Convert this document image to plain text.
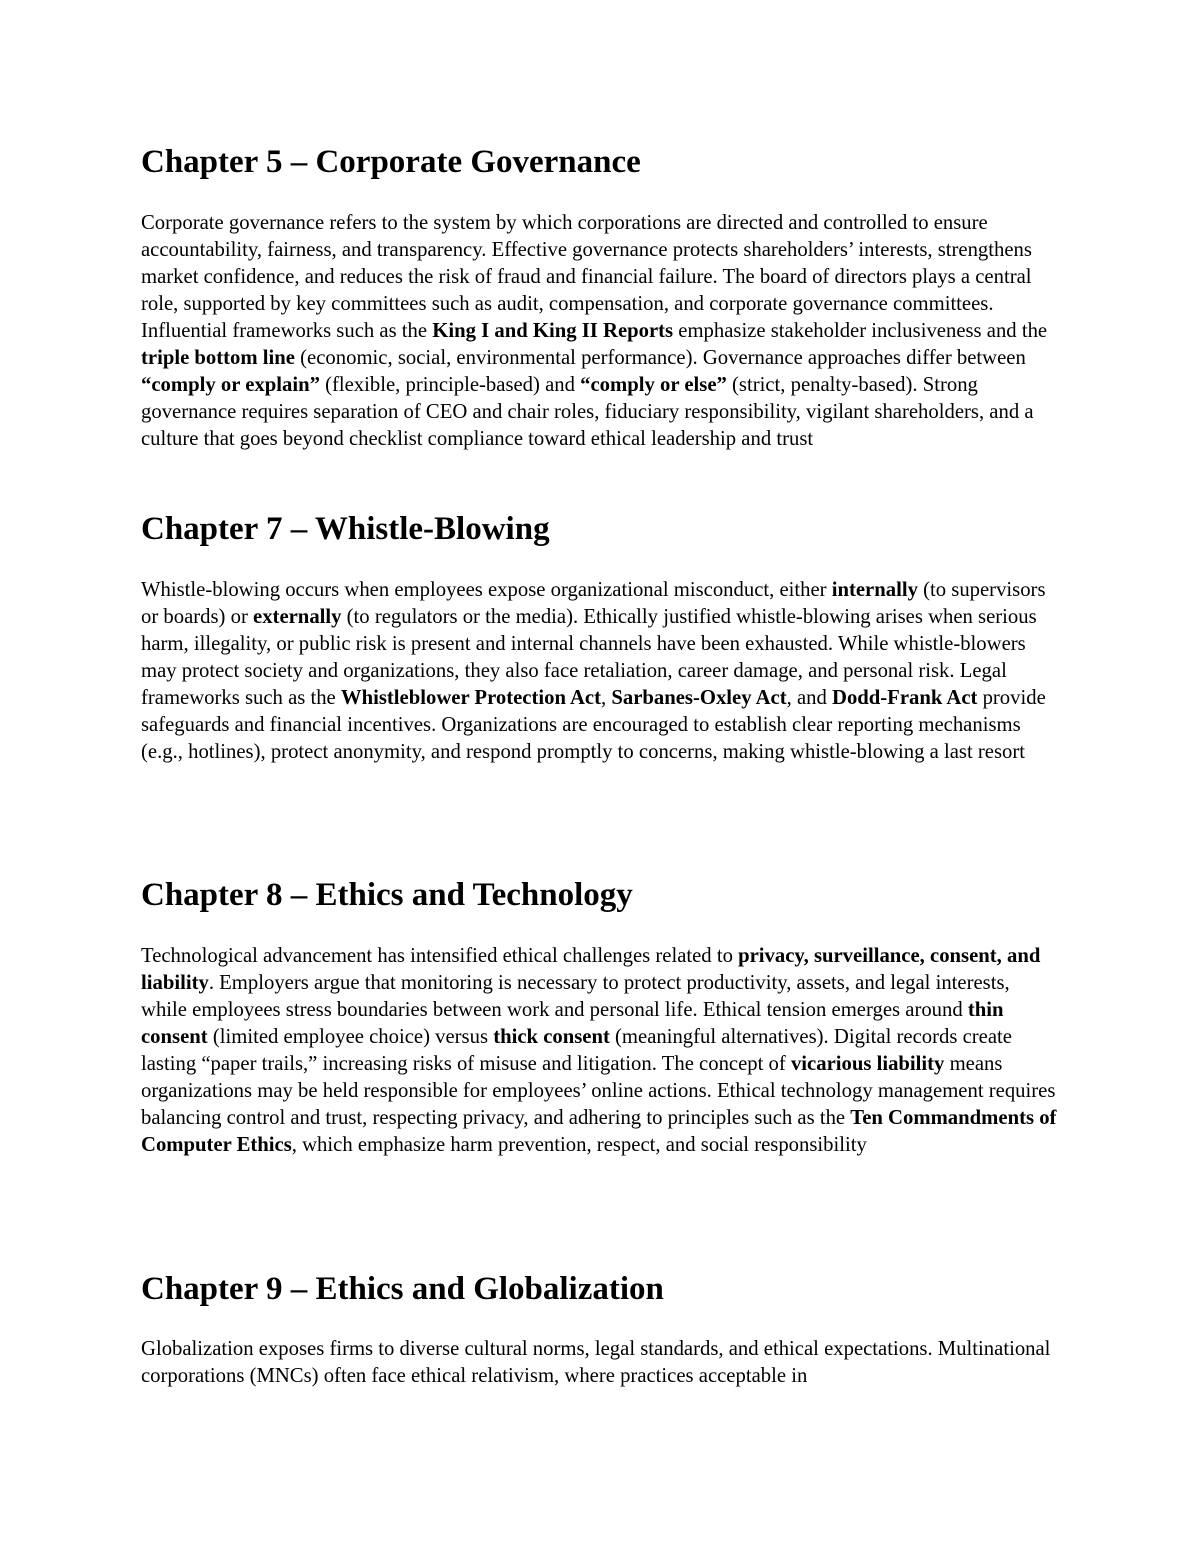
Chapter 5 – Corporate Governance

Corporate governance refers to the system by which corporations are directed and controlled to ensure accountability, fairness, and transparency. Effective governance protects shareholders’ interests, strengthens market confidence, and reduces the risk of fraud and financial failure. The board of directors plays a central role, supported by key committees such as audit, compensation, and corporate governance committees. Influential frameworks such as the King I and King II Reports emphasize stakeholder inclusiveness and the triple bottom line (economic, social, environmental performance). Governance approaches differ between “comply or explain” (flexible, principle-based) and “comply or else” (strict, penalty-based). Strong governance requires separation of CEO and chair roles, fiduciary responsibility, vigilant shareholders, and a culture that goes beyond checklist compliance toward ethical leadership and trust

Chapter 7 – Whistle-Blowing

Whistle-blowing occurs when employees expose organizational misconduct, either internally (to supervisors or boards) or externally (to regulators or the media). Ethically justified whistle-blowing arises when serious harm, illegality, or public risk is present and internal channels have been exhausted. While whistle-blowers may protect society and organizations, they also face retaliation, career damage, and personal risk. Legal frameworks such as the Whistleblower Protection Act, Sarbanes-Oxley Act, and Dodd-Frank Act provide safeguards and financial incentives. Organizations are encouraged to establish clear reporting mechanisms (e.g., hotlines), protect anonymity, and respond promptly to concerns, making whistle-blowing a last resort

Chapter 8 – Ethics and Technology

Technological advancement has intensified ethical challenges related to privacy, surveillance, consent, and liability. Employers argue that monitoring is necessary to protect productivity, assets, and legal interests, while employees stress boundaries between work and personal life. Ethical tension emerges around thin consent (limited employee choice) versus thick consent (meaningful alternatives). Digital records create lasting “paper trails,” increasing risks of misuse and litigation. The concept of vicarious liability means organizations may be held responsible for employees’ online actions. Ethical technology management requires balancing control and trust, respecting privacy, and adhering to principles such as the Ten Commandments of Computer Ethics, which emphasize harm prevention, respect, and social responsibility

Chapter 9 – Ethics and Globalization

Globalization exposes firms to diverse cultural norms, legal standards, and ethical expectations. Multinational corporations (MNCs) often face ethical relativism, where practices acceptable in
